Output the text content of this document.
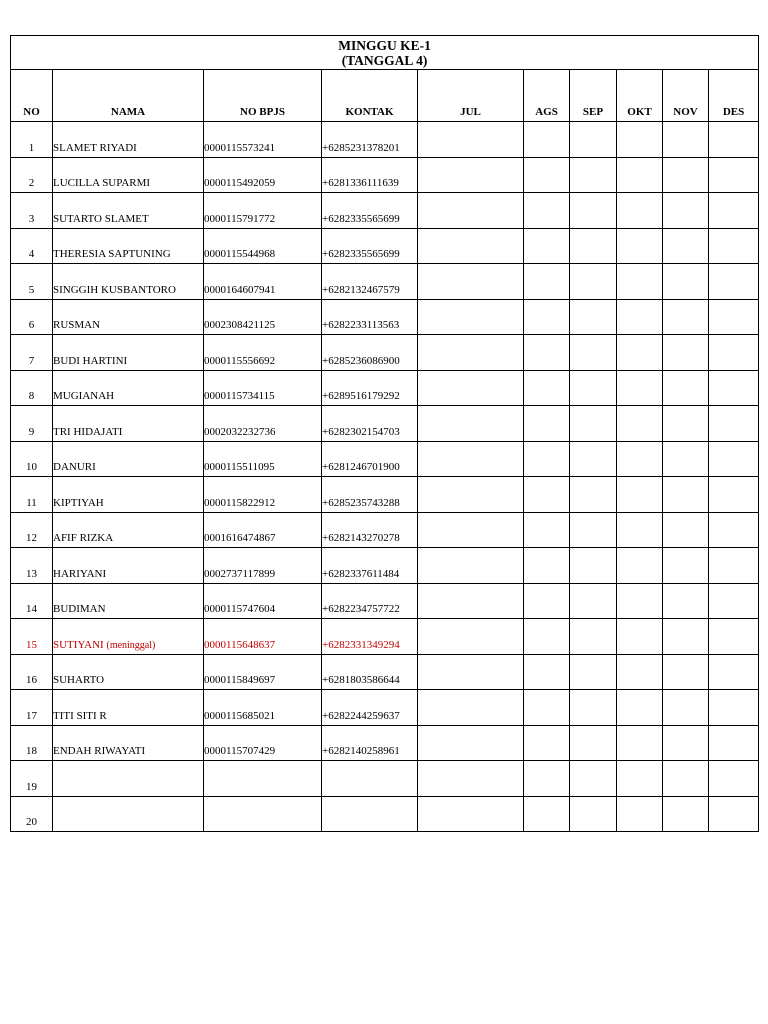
MINGGU KE-1
(TANGGAL 4)									

NO	NAMA	NO BPJS	KONTAK	JUL	AGS	SEP	OKT	NOV	DES
1	SLAMET RIYADI	0000115573241	+6285231378201						
2	LUCILLA SUPARMI	0000115492059	+6281336111639						
3	SUTARTO SLAMET	0000115791772	+6282335565699						
4	THERESIA SAPTUNING	0000115544968	+6282335565699						
5	SINGGIH KUSBANTORO	0000164607941	+6282132467579						
6	RUSMAN	0002308421125	+6282233113563						
7	BUDI HARTINI	0000115556692	+6285236086900						
8	MUGIANAH	0000115734115	+6289516179292						
9	TRI HIDAJATI	0002032232736	+6282302154703						
10	DANURI	0000115511095	+6281246701900						
11	KIPTIYAH	0000115822912	+6285235743288						
12	AFIF RIZKA	0001616474867	+6282143270278						
13	HARIYANI	0002737117899	+6282337611484						
14	BUDIMAN	0000115747604	+6282234757722						
15	SUTIYANI (meninggal)	0000115648637	+6282331349294						
16	SUHARTO	0000115849697	+6281803586644						
17	TITI SITI R	0000115685021	+6282244259637						
18	ENDAH RIWAYATI	0000115707429	+6282140258961						
19									
20									
